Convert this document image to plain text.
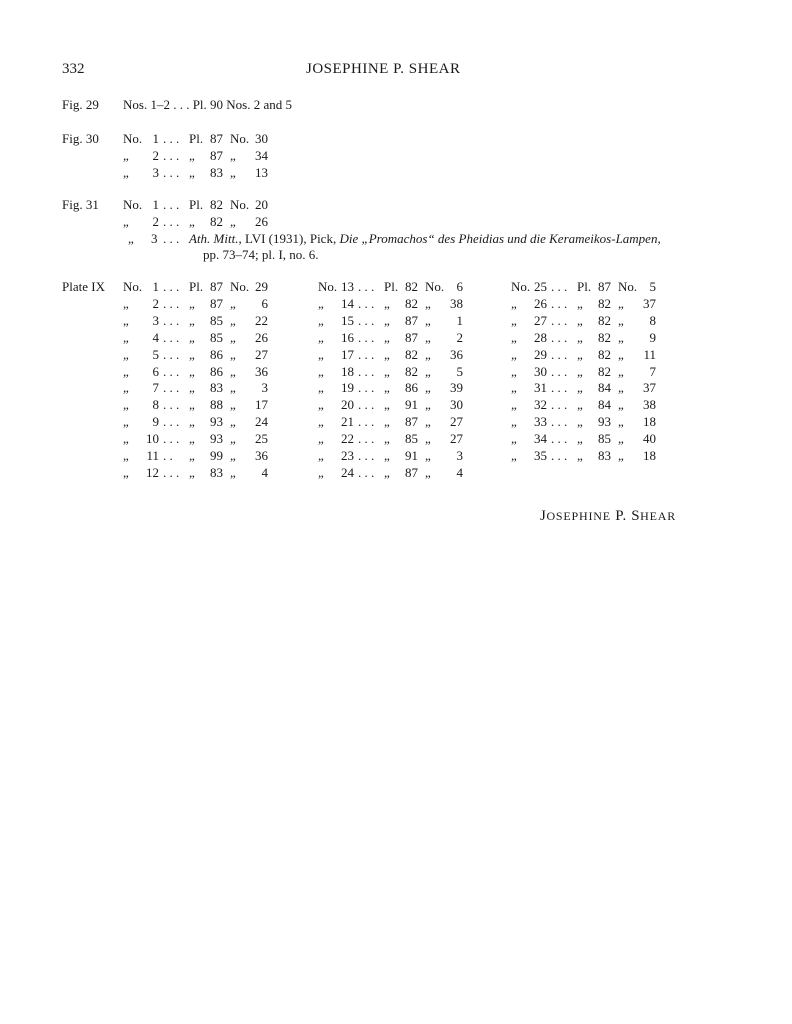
332	JOSEPHINE P. SHEAR
Fig. 29 Nos. 1–2 . . . Pl. 90 Nos. 2 and 5
Fig. 30 No. 1 . . . Pl. 87 No. 30
„	2 . . . „	87 „	34
„	3 . . . „	83 „	13
Fig. 31 No. 1 . . . Pl. 82 No. 20
„	2 . . . „	82 „	26
„ 3 . . . Ath. Mitt., LVI (1931), Pick, Die „Promachos“ des Pheidias und die Kerameikos-Lampen,
pp. 73–74; pl. I, no. 6.
Plate IX No. 1 . . . Pl. 87 No. 29
„	2 . . . „	87 „	6
„	3 . . . „	85 „	22
„	4 . . . „	85 „	26
„	5 . . . „	86 „	27
„	6 . . . „	86 „	36
„	7 . . . „	83 „	3
„	8 . . . „	88 „	17
„	9 . . . „	93 „	24
„	10 . . . „	93 „	25
„	11 . .	„	99 „	36
„	12 . . . „	83 „	4
No. 13 . . . Pl. 82 No. 6
„	14 . . . „	82 „	38
„	15 . . . „	87 „	1
„	16 . . . „	87 „	2
„	17 . . . „	82 „	36
„	18 . . . „	82 „	5
„	19 . . . „	86 „	39
„	20 . . . „	91 „	30
„	21 . . . „	87 „	27
„	22 . . . „	85 „	27
„	23 . . . „	91 „	3
„	24 . . . „	87 „	4
No. 25 . . . Pl. 87 No. 5
„	26 . . . „	82 „	37
„	27 . . . „	82 „	8
„	28 . . . „	82 „	9
„	29 . . . „	82 „	11
„	30 . . . „	82 „	7
„	31 . . . „	84 „	37
„	32 . . . „	84 „	38
„	33 . . . „	93 „	18
„	34 . . . „	85 „	40
„	35 . . . „	83 „	18
JOSEPHINE P. SHEAR
